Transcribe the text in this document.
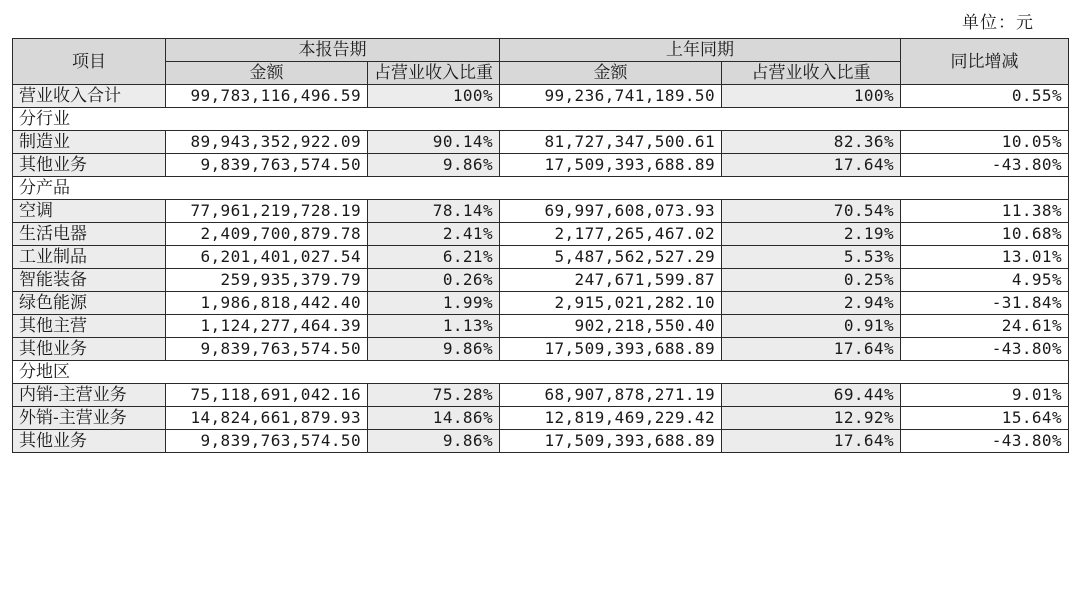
单位：元
项目	本报告期		上年同期		同比增减
	金额	占营业收入比重	金额	占营业收入比重	
营业收入合计	99,783,116,496.59	100%	99,236,741,189.50	100%	0.55%
分行业					
制造业	89,943,352,922.09	90.14%	81,727,347,500.61	82.36%	10.05%
其他业务	9,839,763,574.50	9.86%	17,509,393,688.89	17.64%	-43.80%
分产品					
空调	77,961,219,728.19	78.14%	69,997,608,073.93	70.54%	11.38%
生活电器	2,409,700,879.78	2.41%	2,177,265,467.02	2.19%	10.68%
工业制品	6,201,401,027.54	6.21%	5,487,562,527.29	5.53%	13.01%
智能装备	259,935,379.79	0.26%	247,671,599.87	0.25%	4.95%
绿色能源	1,986,818,442.40	1.99%	2,915,021,282.10	2.94%	-31.84%
其他主营	1,124,277,464.39	1.13%	902,218,550.40	0.91%	24.61%
其他业务	9,839,763,574.50	9.86%	17,509,393,688.89	17.64%	-43.80%
分地区					
内销-主营业务	75,118,691,042.16	75.28%	68,907,878,271.19	69.44%	9.01%
外销-主营业务	14,824,661,879.93	14.86%	12,819,469,229.42	12.92%	15.64%
其他业务	9,839,763,574.50	9.86%	17,509,393,688.89	17.64%	-43.80%
